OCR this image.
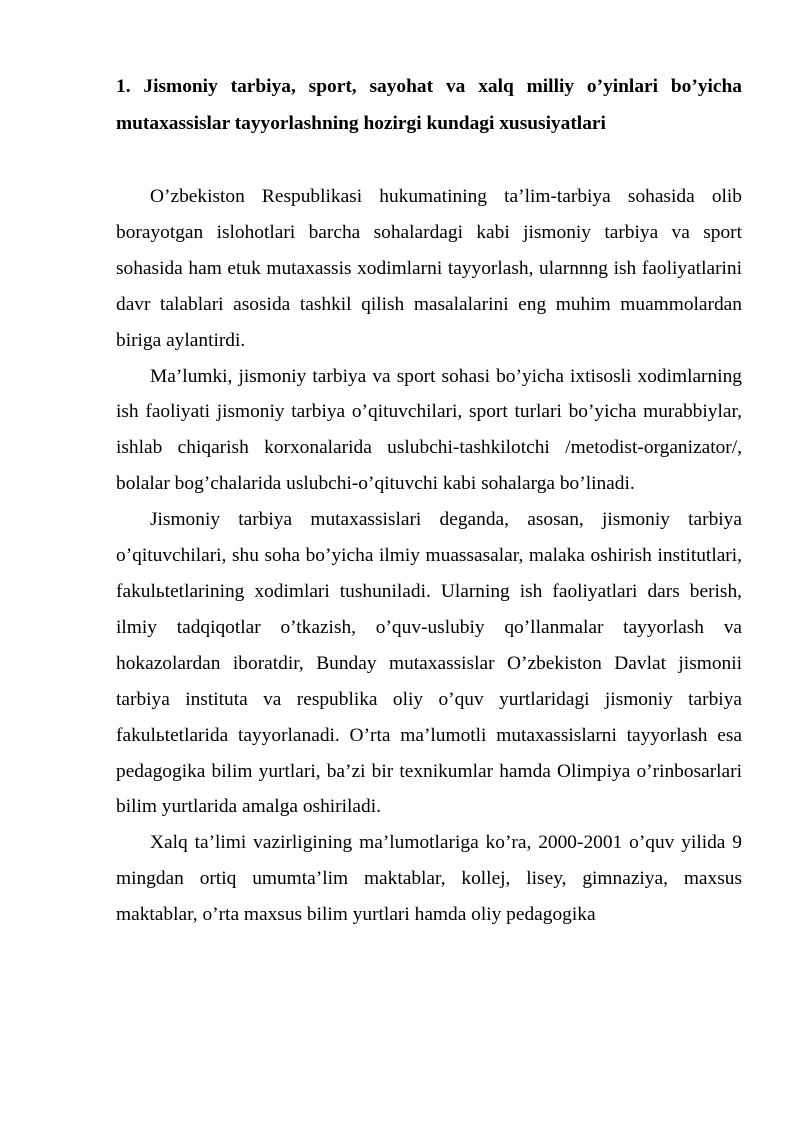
1. Jismoniy tarbiya, sport, sayohat va xalq milliy o’yinlari bo’yicha mutaxassislar tayyorlashning hozirgi kundagi xususiyatlari

O’zbekiston Respublikasi hukumatining ta’lim-tarbiya sohasida olib borayotgan islohotlari barcha sohalardagi kabi jismoniy tarbiya va sport sohasida ham etuk mutaxassis xodimlarni tayyorlash, ularnnng ish faoliyatlarini davr talablari asosida tashkil qilish masalalarini eng muhim muammolardan biriga aylantirdi.

Ma’lumki, jismoniy tarbiya va sport sohasi bo’yicha ixtisosli xodimlarning ish faoliyati jismoniy tarbiya o’qituvchilari, sport turlari bo’yicha murabbiylar, ishlab chiqarish korxonalarida uslubchi-tashkilotchi /metodist-organizator/, bolalar bog’chalarida uslubchi-o’qituvchi kabi sohalarga bo’linadi.

Jismoniy tarbiya mutaxassislari deganda, asosan, jismoniy tarbiya o’qituvchilari, shu soha bo’yicha ilmiy muassasalar, malaka oshirish institutlari, fakulьtetlarining xodimlari tushuniladi. Ularning ish faoliyatlari dars berish, ilmiy tadqiqotlar o’tkazish, o’quv-uslubiy qo’llanmalar tayyorlash va hokazolardan iboratdir, Bunday mutaxassislar O’zbekiston Davlat jismonii tarbiya instituta va respublika oliy o’quv yurtlaridagi jismoniy tarbiya fakulьtetlarida tayyorlanadi. O’rta ma’lumotli mutaxassislarni tayyorlash esa pedagogika bilim yurtlari, ba’zi bir texnikumlar hamda Olimpiya o’rinbosarlari bilim yurtlarida amalga oshiriladi.

Xalq ta’limi vazirligining ma’lumotlariga ko’ra, 2000-2001 o’quv yilida 9 mingdan ortiq umumta’lim maktablar, kollej, lisey, gimnaziya, maxsus maktablar, o’rta maxsus bilim yurtlari hamda oliy pedagogika
